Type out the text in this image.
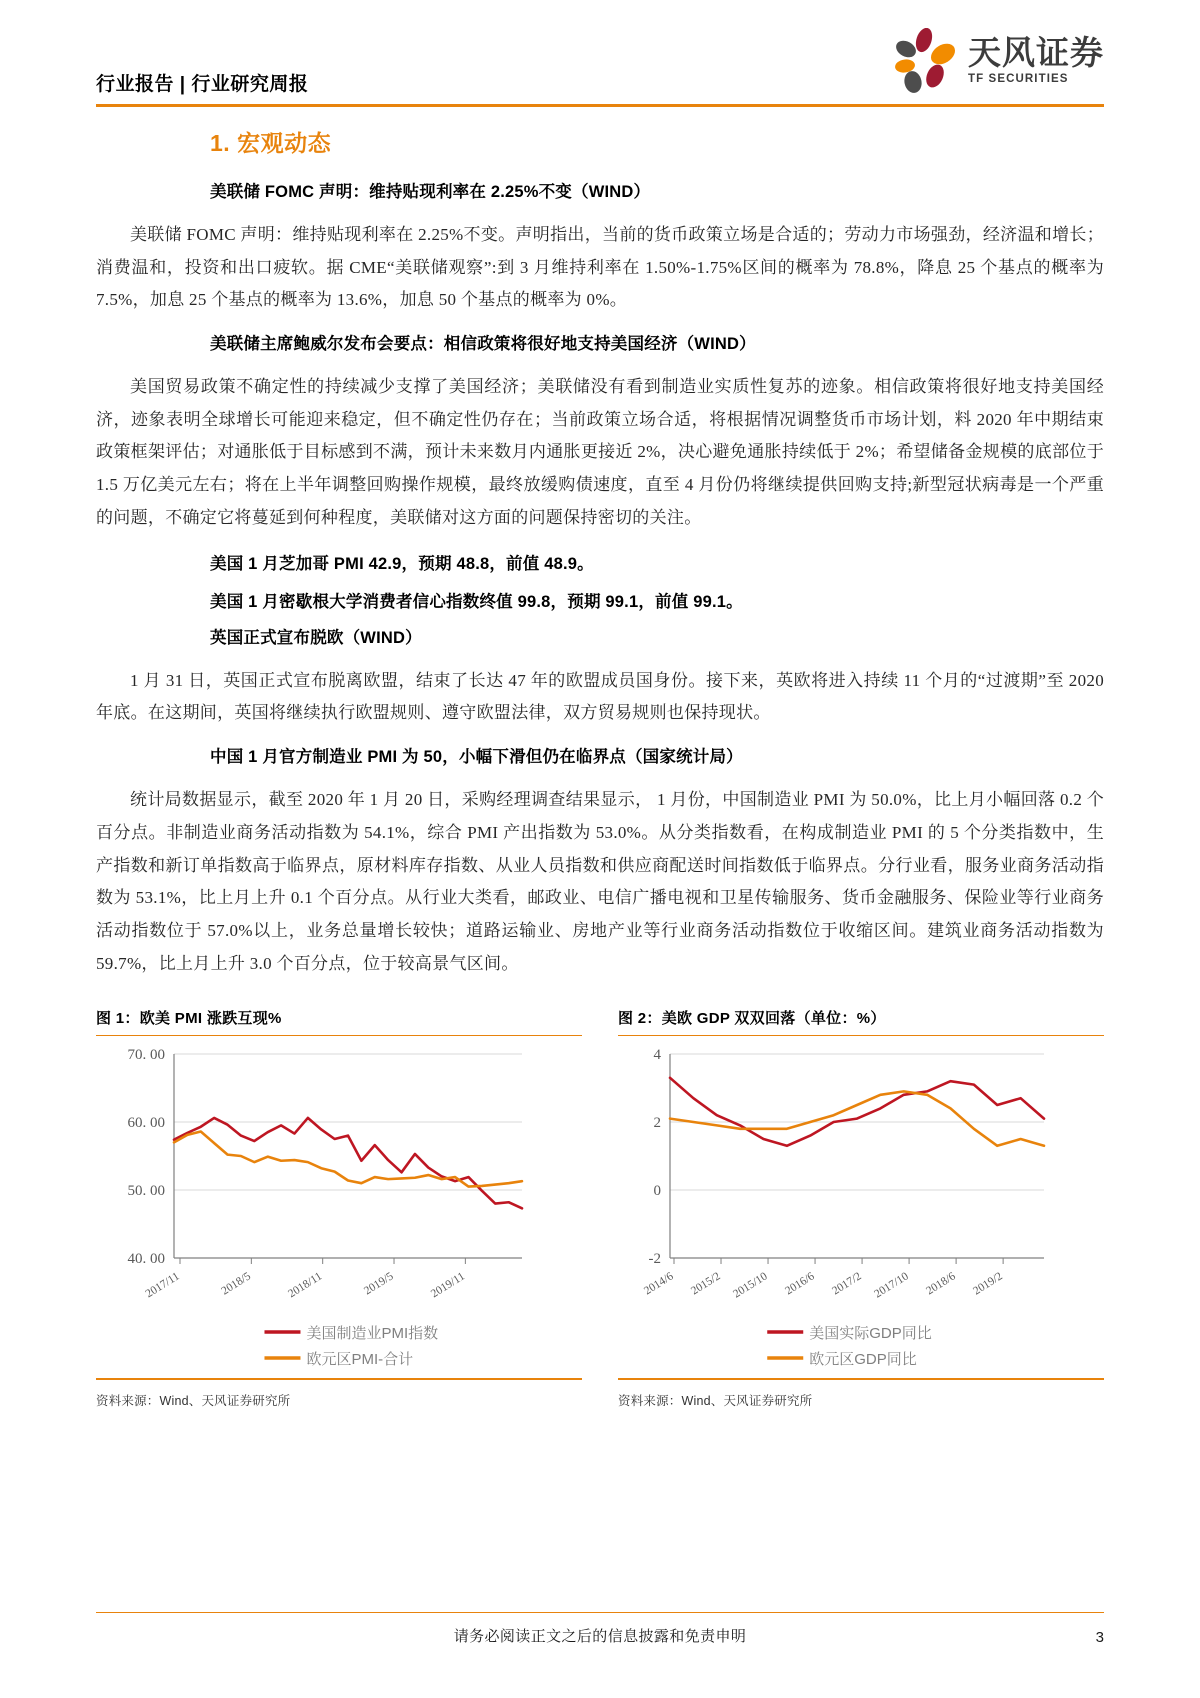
行业报告 | 行业研究周报
天风证券
TF SECURITIES
1. 宏观动态
美联储 FOMC 声明：维持贴现利率在 2.25%不变（WIND）

美联储 FOMC 声明：维持贴现利率在 2.25%不变。声明指出，当前的货币政策立场是合适的；劳动力市场强劲，经济温和增长；消费温和，投资和出口疲软。据 CME“美联储观察”:到 3 月维持利率在 1.50%-1.75%区间的概率为 78.8%，降息 25 个基点的概率为 7.5%，加息 25 个基点的概率为 13.6%，加息 50 个基点的概率为 0%。

美联储主席鲍威尔发布会要点：相信政策将很好地支持美国经济（WIND）

美国贸易政策不确定性的持续减少支撑了美国经济；美联储没有看到制造业实质性复苏的迹象。相信政策将很好地支持美国经济，迹象表明全球增长可能迎来稳定，但不确定性仍存在；当前政策立场合适，将根据情况调整货币市场计划，料 2020 年中期结束政策框架评估；对通胀低于目标感到不满，预计未来数月内通胀更接近 2%，决心避免通胀持续低于 2%；希望储备金规模的底部位于 1.5 万亿美元左右；将在上半年调整回购操作规模，最终放缓购债速度，直至 4 月份仍将继续提供回购支持;新型冠状病毒是一个严重的问题，不确定它将蔓延到何种程度，美联储对这方面的问题保持密切的关注。

美国 1 月芝加哥 PMI 42.9，预期 48.8，前值 48.9。
美国 1 月密歇根大学消费者信心指数终值 99.8，预期 99.1，前值 99.1。
英国正式宣布脱欧（WIND）

1 月 31 日，英国正式宣布脱离欧盟，结束了长达 47 年的欧盟成员国身份。接下来，英欧将进入持续 11 个月的“过渡期”至 2020 年底。在这期间，英国将继续执行欧盟规则、遵守欧盟法律，双方贸易规则也保持现状。

中国 1 月官方制造业 PMI 为 50，小幅下滑但仍在临界点（国家统计局）

统计局数据显示，截至 2020 年 1 月 20 日，采购经理调查结果显示， 1 月份，中国制造业 PMI 为 50.0%，比上月小幅回落 0.2 个百分点。非制造业商务活动指数为 54.1%，综合 PMI 产出指数为 53.0%。从分类指数看，在构成制造业 PMI 的 5 个分类指数中，生产指数和新订单指数高于临界点，原材料库存指数、从业人员指数和供应商配送时间指数低于临界点。分行业看，服务业商务活动指数为 53.1%，比上月上升 0.1 个百分点。从行业大类看，邮政业、电信广播电视和卫星传输服务、货币金融服务、保险业等行业商务活动指数位于 57.0%以上，业务总量增长较快；道路运输业、房地产业等行业商务活动指数位于收缩区间。建筑业商务活动指数为 59.7%，比上月上升 3.0 个百分点，位于较高景气区间。

图 1：欧美 PMI 涨跌互现%
40. 00
50. 00
60. 00
70. 00
2017/11	2018/5	2018/11	2019/5	2019/11
美国制造业PMI指数
欧元区PMI-合计
资料来源：Wind、天风证券研究所
图 2：美欧 GDP 双双回落（单位：%）
4
2
0
-2
2014/6 2015/2 2015/10 2016/6 2017/2 2017/10 2018/6 2019/2
美国实际GDP同比
欧元区GDP同比
资料来源：Wind、天风证券研究所
请务必阅读正文之后的信息披露和免责申明	3
